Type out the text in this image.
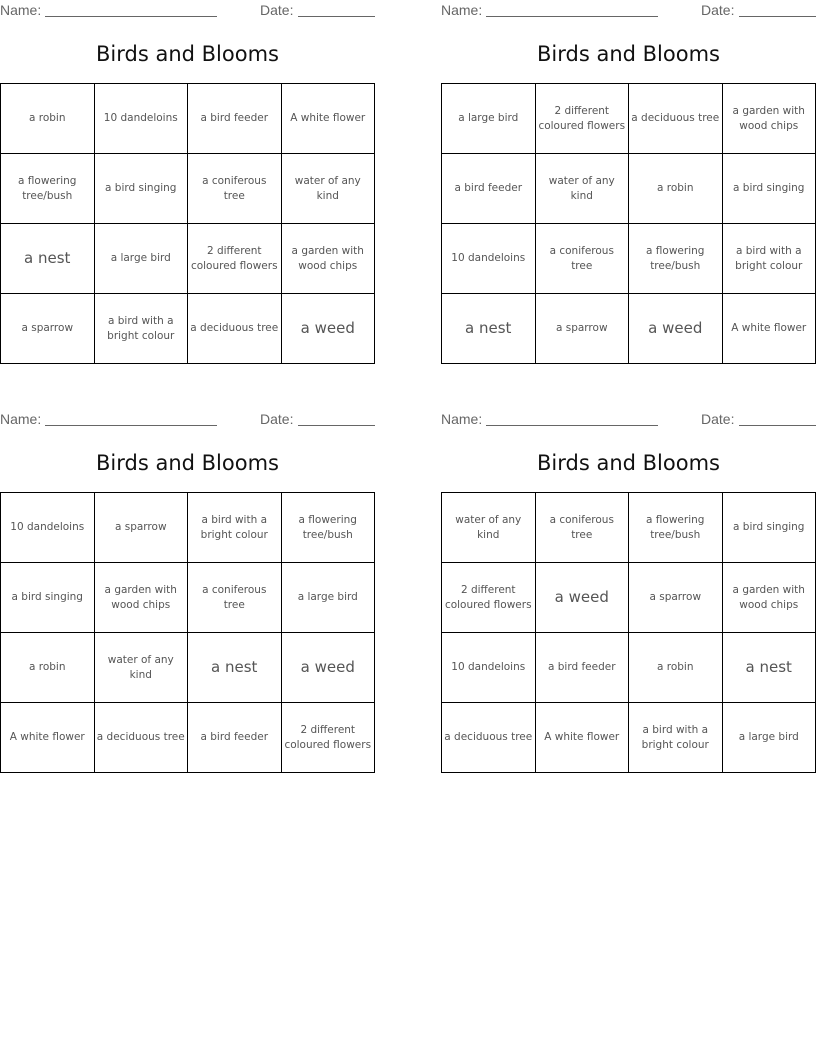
Name:	Date:
Birds and Blooms
a robin	10 dandeloins	a bird feeder	A white flower
a flowering tree/bush	a bird singing	a coniferous tree	water of any kind
a nest	a large bird	2 different coloured flowers	a garden with wood chips
a sparrow	a bird with a bright colour	a deciduous tree	a weed
Name:	Date:
Birds and Blooms
a large bird	2 different coloured flowers	a deciduous tree	a garden with wood chips
a bird feeder	water of any kind	a robin	a bird singing
10 dandeloins	a coniferous tree	a flowering tree/bush	a bird with a bright colour
a nest	a sparrow	a weed	A white flower
Name:	Date:
Birds and Blooms
10 dandeloins	a sparrow	a bird with a bright colour	a flowering tree/bush
a bird singing	a garden with wood chips	a coniferous tree	a large bird
a robin	water of any kind	a nest	a weed
A white flower	a deciduous tree	a bird feeder	2 different coloured flowers
Name:	Date:
Birds and Blooms
water of any kind	a coniferous tree	a flowering tree/bush	a bird singing
2 different coloured flowers	a weed	a sparrow	a garden with wood chips
10 dandeloins	a bird feeder	a robin	a nest
a deciduous tree	A white flower	a bird with a bright colour	a large bird
